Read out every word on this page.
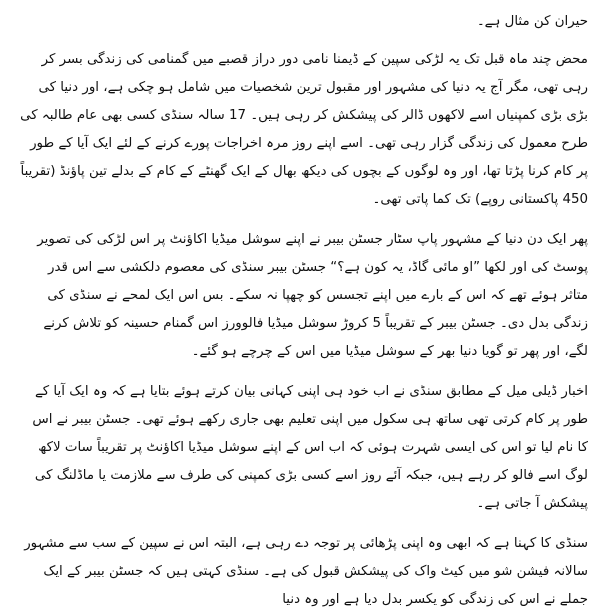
حیران کن مثال ہے۔

محض چند ماہ قبل تک یہ لڑکی سپین کے ڈیمنا نامی دور دراز قصبے میں گمنامی کی زندگی بسر کر رہی تھی، مگر آج یہ دنیا کی مشہور اور مقبول ترین شخصیات میں شامل ہو چکی ہے، اور دنیا کی بڑی بڑی کمپنیاں اسے لاکھوں ڈالر کی پیشکش کر رہی ہیں۔ 17 سالہ سنڈی کسی بھی عام طالبہ کی طرح معمول کی زندگی گزار رہی تھی۔ اسے اپنے روز مرہ اخراجات پورے کرنے کے لئے ایک آیا کے طور پر کام کرنا پڑتا تھا، اور وہ لوگوں کے بچوں کی دیکھ بھال کے ایک گھنٹے کے کام کے بدلے تین پاؤنڈ (تقریباً 450 پاکستانی روپے) تک کما پاتی تھی۔

پھر ایک دن دنیا کے مشہور پاپ سٹار جسٹن بیبر نے اپنے سوشل میڈیا اکاؤنٹ پر اس لڑکی کی تصویر پوسٹ کی اور لکھا ”او مائی گاڈ، یہ کون ہے؟“ جسٹن بیبر سنڈی کی معصوم دلکشی سے اس قدر متاثر ہوئے تھے کہ اس کے بارے میں اپنے تجسس کو چھپا نہ سکے۔ بس اس ایک لمحے نے سنڈی کی زندگی بدل دی۔ جسٹن بیبر کے تقریباً 5 کروڑ سوشل میڈیا فالوورز اس گمنام حسینہ کو تلاش کرنے لگے، اور پھر تو گویا دنیا بھر کے سوشل میڈیا میں اس کے چرچے ہو گئے۔

اخبار ڈیلی میل کے مطابق سنڈی نے اب خود ہی اپنی کہانی بیان کرتے ہوئے بتایا ہے کہ وہ ایک آیا کے طور پر کام کرتی تھی ساتھ ہی سکول میں اپنی تعلیم بھی جاری رکھے ہوئے تھی۔ جسٹن بیبر نے اس کا نام لیا تو اس کی ایسی شہرت ہوئی کہ اب اس کے اپنے سوشل میڈیا اکاؤنٹ پر تقریباً سات لاکھ لوگ اسے فالو کر رہے ہیں، جبکہ آئے روز اسے کسی بڑی کمپنی کی طرف سے ملازمت یا ماڈلنگ کی پیشکش آ جاتی ہے۔

سنڈی کا کہنا ہے کہ ابھی وہ اپنی پڑھائی پر توجہ دے رہی ہے، البتہ اس نے سپین کے سب سے مشہور سالانہ فیشن شو میں کیٹ واک کی پیشکش قبول کی ہے۔ سنڈی کہتی ہیں کہ جسٹن بیبر کے ایک جملے نے اس کی زندگی کو یکسر بدل دیا ہے اور وہ دنیا
